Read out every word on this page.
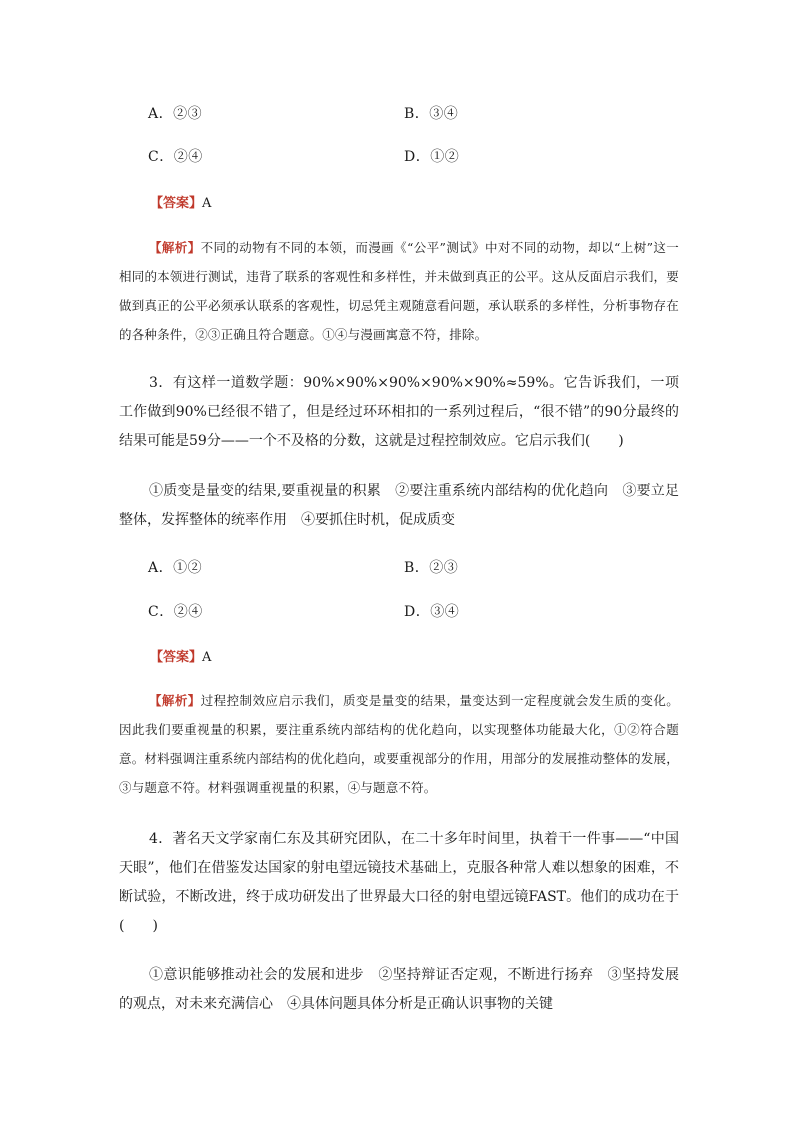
A．②③	B．③④
C．②④	D．①②
【答案】A
【解析】不同的动物有不同的本领，而漫画《“公平”测试》中对不同的动物，却以“上树”这一相同的本领进行测试，违背了联系的客观性和多样性，并未做到真正的公平。这从反面启示我们，要做到真正的公平必须承认联系的客观性，切忌凭主观随意看问题，承认联系的多样性，分析事物存在的各种条件，②③正确且符合题意。①④与漫画寓意不符，排除。
3．有这样一道数学题：90%×90%×90%×90%×90%≈59%。它告诉我们，一项工作做到90%已经很不错了，但是经过环环相扣的一系列过程后，“很不错”的90分最终的结果可能是59分——一个不及格的分数，这就是过程控制效应。它启示我们(　　)
①质变是量变的结果,要重视量的积累　②要注重系统内部结构的优化趋向　③要立足整体，发挥整体的统率作用　④要抓住时机，促成质变
A．①②	B．②③
C．②④	D．③④
【答案】A
【解析】过程控制效应启示我们，质变是量变的结果，量变达到一定程度就会发生质的变化。因此我们要重视量的积累，要注重系统内部结构的优化趋向，以实现整体功能最大化，①②符合题意。材料强调注重系统内部结构的优化趋向，或要重视部分的作用，用部分的发展推动整体的发展，③与题意不符。材料强调重视量的积累，④与题意不符。
4．著名天文学家南仁东及其研究团队，在二十多年时间里，执着干一件事——“中国天眼”，他们在借鉴发达国家的射电望远镜技术基础上，克服各种常人难以想象的困难，不断试验，不断改进，终于成功研发出了世界最大口径的射电望远镜FAST。他们的成功在于(　　)
①意识能够推动社会的发展和进步　②坚持辩证否定观，不断进行扬弃　③坚持发展的观点，对未来充满信心　④具体问题具体分析是正确认识事物的关键
